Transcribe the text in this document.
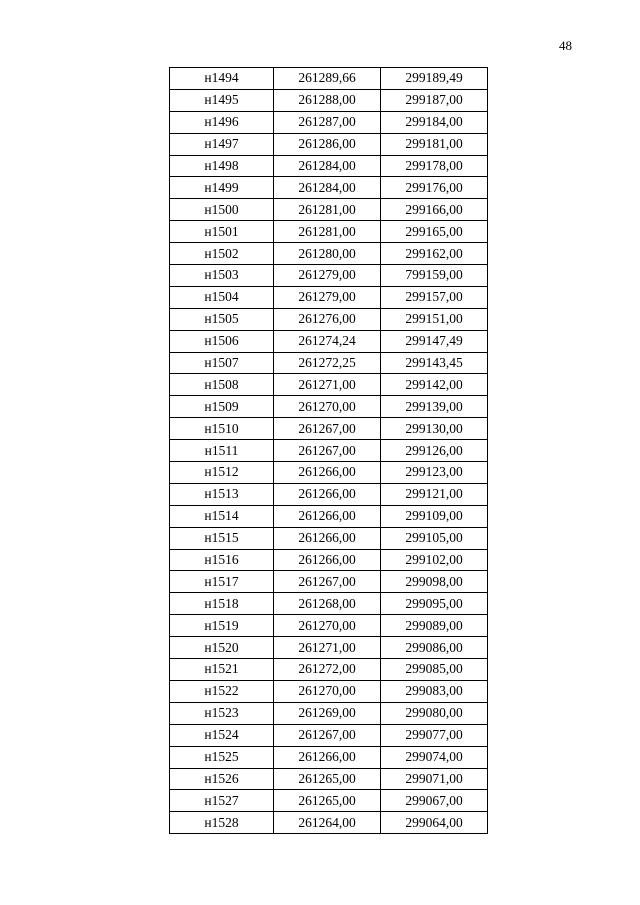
48
н1494	261289,66	299189,49
н1495	261288,00	299187,00
н1496	261287,00	299184,00
н1497	261286,00	299181,00
н1498	261284,00	299178,00
н1499	261284,00	299176,00
н1500	261281,00	299166,00
н1501	261281,00	299165,00
н1502	261280,00	299162,00
н1503	261279,00	799159,00
н1504	261279,00	299157,00
н1505	261276,00	299151,00
н1506	261274,24	299147,49
н1507	261272,25	299143,45
н1508	261271,00	299142,00
н1509	261270,00	299139,00
н1510	261267,00	299130,00
н1511	261267,00	299126,00
н1512	261266,00	299123,00
н1513	261266,00	299121,00
н1514	261266,00	299109,00
н1515	261266,00	299105,00
н1516	261266,00	299102,00
н1517	261267,00	299098,00
н1518	261268,00	299095,00
н1519	261270,00	299089,00
н1520	261271,00	299086,00
н1521	261272,00	299085,00
н1522	261270,00	299083,00
н1523	261269,00	299080,00
н1524	261267,00	299077,00
н1525	261266,00	299074,00
н1526	261265,00	299071,00
н1527	261265,00	299067,00
н1528	261264,00	299064,00
